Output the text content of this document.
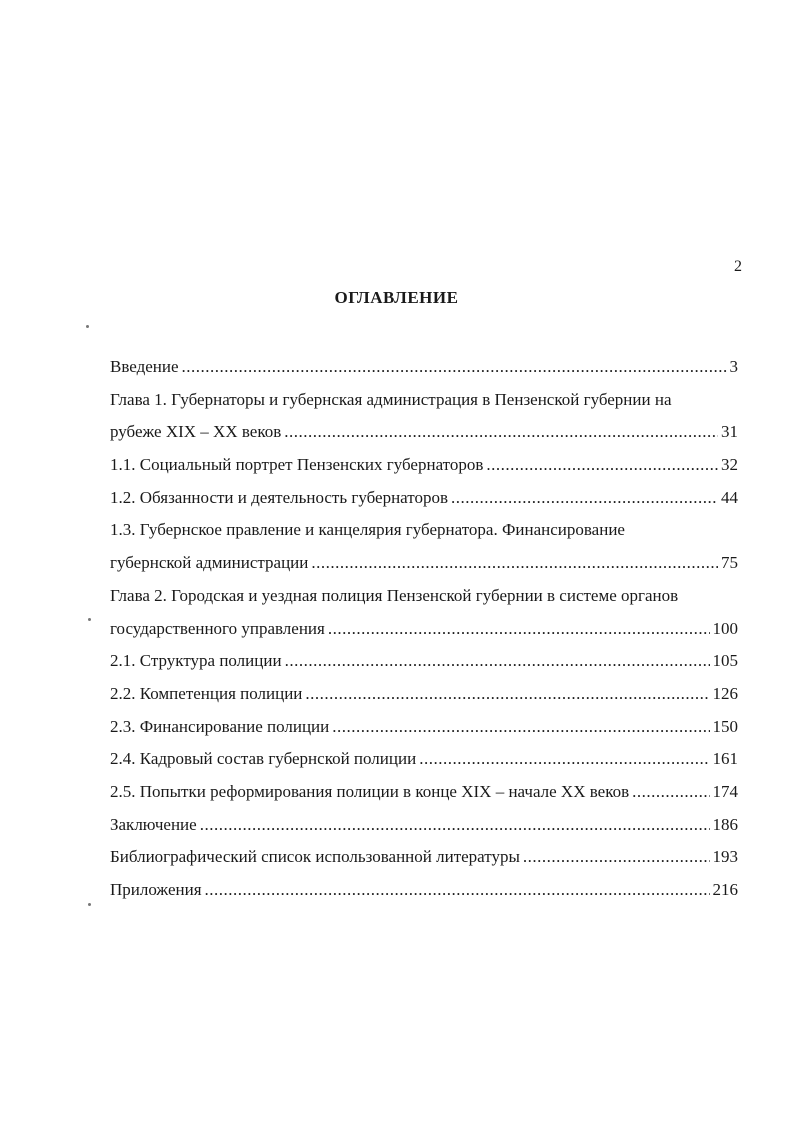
2
ОГЛАВЛЕНИЕ
Введение .....	3
Глава 1. Губернаторы и губернская администрация в Пензенской губернии на
рубеже XIX – XX веков .....	31
1.1. Социальный портрет Пензенских губернаторов .....	32
1.2. Обязанности и деятельность губернаторов .....	44
1.3. Губернское правление и канцелярия губернатора. Финансирование
губернской администрации .....	75
Глава 2. Городская и уездная полиция Пензенской губернии в системе органов
государственного управления .....	100
2.1. Структура полиции .....	105
2.2. Компетенция полиции .....	126
2.3. Финансирование полиции .....	150
2.4. Кадровый состав губернской полиции .....	161
2.5. Попытки реформирования полиции в конце XIX – начале XX веков .....	174
Заключение .....	186
Библиографический список использованной литературы .....	193
Приложения .....	216
